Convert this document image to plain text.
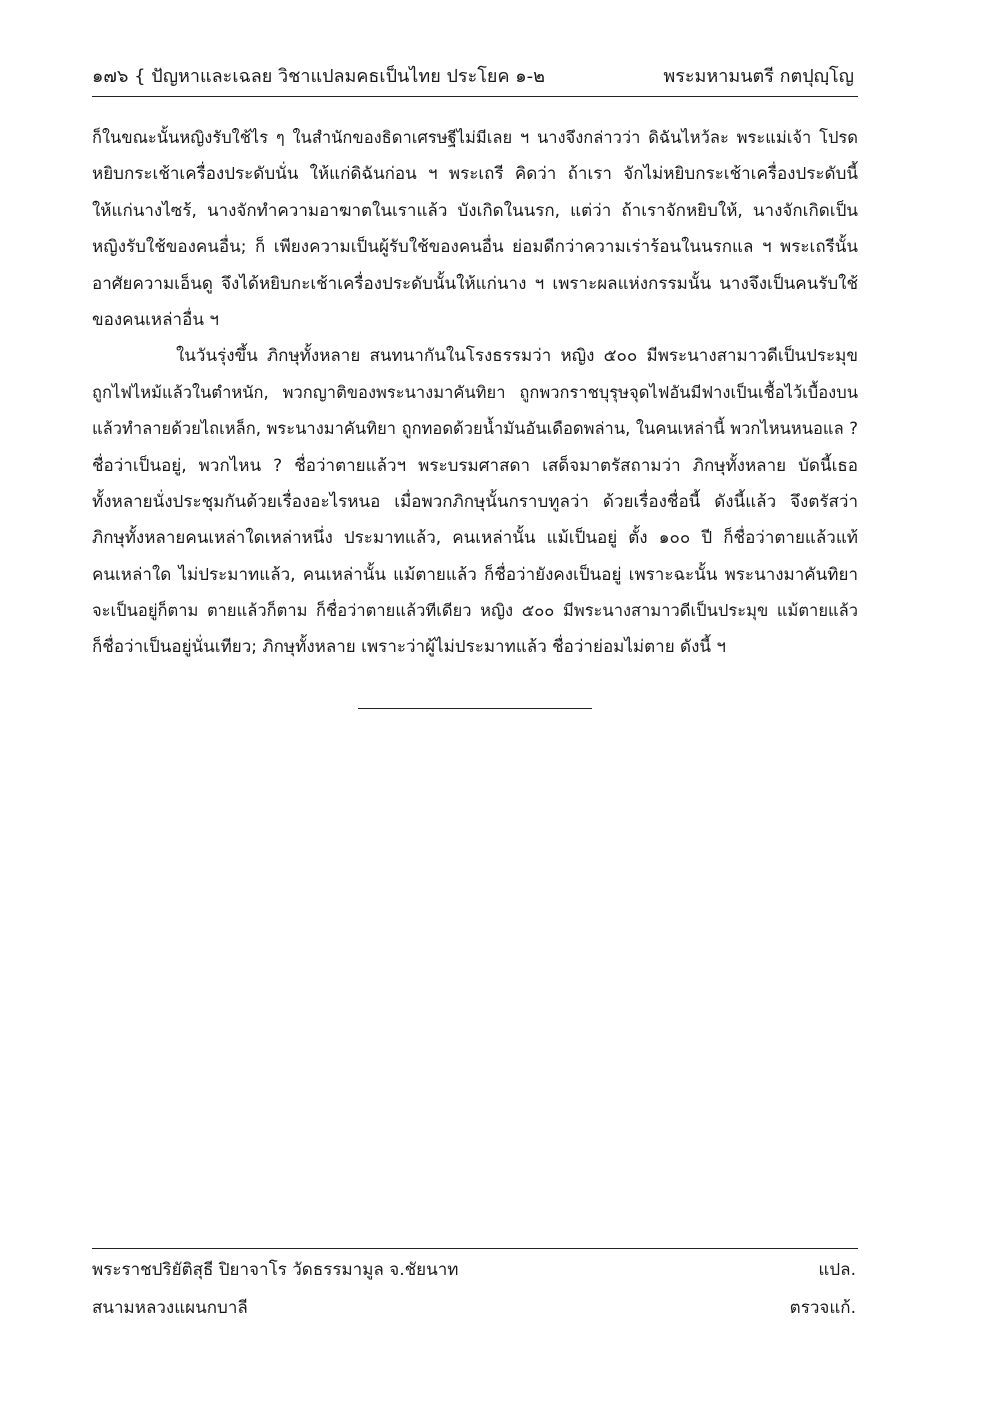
๑๗๖ { ปัญหาและเฉลย วิชาแปลมคธเป็นไทย ประโยค ๑-๒	พระมหามนตรี กตปุญฺโญ
ก็ในขณะนั้นหญิงรับใช้ไร ๆ ในสำนักของธิดาเศรษฐีไม่มีเลย ฯ นางจึงกล่าวว่า ดิฉันไหว้ละ พระแม่เจ้า โปรด
หยิบกระเช้าเครื่องประดับนั่น ให้แก่ดิฉันก่อน ฯ พระเถรี คิดว่า ถ้าเรา จักไม่หยิบกระเช้าเครื่องประดับนี้
ให้แก่นางไซร้, นางจักทำความอาฆาตในเราแล้ว บังเกิดในนรก, แต่ว่า ถ้าเราจักหยิบให้, นางจักเกิดเป็น
หญิงรับใช้ของคนอื่น; ก็ เพียงความเป็นผู้รับใช้ของคนอื่น ย่อมดีกว่าความเร่าร้อนในนรกแล ฯ พระเถรีนั้น
อาศัยความเอ็นดู จึงได้หยิบกะเช้าเครื่องประดับนั้นให้แก่นาง ฯ เพราะผลแห่งกรรมนั้น นางจึงเป็นคนรับใช้
ของคนเหล่าอื่น ฯ
ในวันรุ่งขึ้น ภิกษุทั้งหลาย สนทนากันในโรงธรรมว่า หญิง ๕๐๐ มีพระนางสามาวดีเป็นประมุข
ถูกไฟไหม้แล้วในตำหนัก, พวกญาติของพระนางมาคันทิยา ถูกพวกราชบุรุษจุดไฟอันมีฟางเป็นเชื้อไว้เบื้องบน
แล้วทำลายด้วยไถเหล็ก, พระนางมาคันทิยา ถูกทอดด้วยน้ำมันอันเดือดพล่าน, ในคนเหล่านี้ พวกไหนหนอแล ?
ชื่อว่าเป็นอยู่, พวกไหน ? ชื่อว่าตายแล้วฯ พระบรมศาสดา เสด็จมาตรัสถามว่า ภิกษุทั้งหลาย บัดนี้เธอ
ทั้งหลายนั่งประชุมกันด้วยเรื่องอะไรหนอ เมื่อพวกภิกษุนั้นกราบทูลว่า ด้วยเรื่องชื่อนี้ ดังนี้แล้ว จึงตรัสว่า
ภิกษุทั้งหลายคนเหล่าใดเหล่าหนึ่ง ประมาทแล้ว, คนเหล่านั้น แม้เป็นอยู่ ตั้ง ๑๐๐ ปี ก็ชื่อว่าตายแล้วแท้
คนเหล่าใด ไม่ประมาทแล้ว, คนเหล่านั้น แม้ตายแล้ว ก็ชื่อว่ายังคงเป็นอยู่ เพราะฉะนั้น พระนางมาคันทิยา
จะเป็นอยู่ก็ตาม ตายแล้วก็ตาม ก็ชื่อว่าตายแล้วทีเดียว หญิง ๕๐๐ มีพระนางสามาวดีเป็นประมุข แม้ตายแล้ว
ก็ชื่อว่าเป็นอยู่นั่นเทียว; ภิกษุทั้งหลาย เพราะว่าผู้ไม่ประมาทแล้ว ชื่อว่าย่อมไม่ตาย ดังนี้ ฯ
พระราชปริยัติสุธี ปิยาจาโร วัดธรรมามูล จ.ชัยนาท	แปล.
สนามหลวงแผนกบาลี	ตรวจแก้.
